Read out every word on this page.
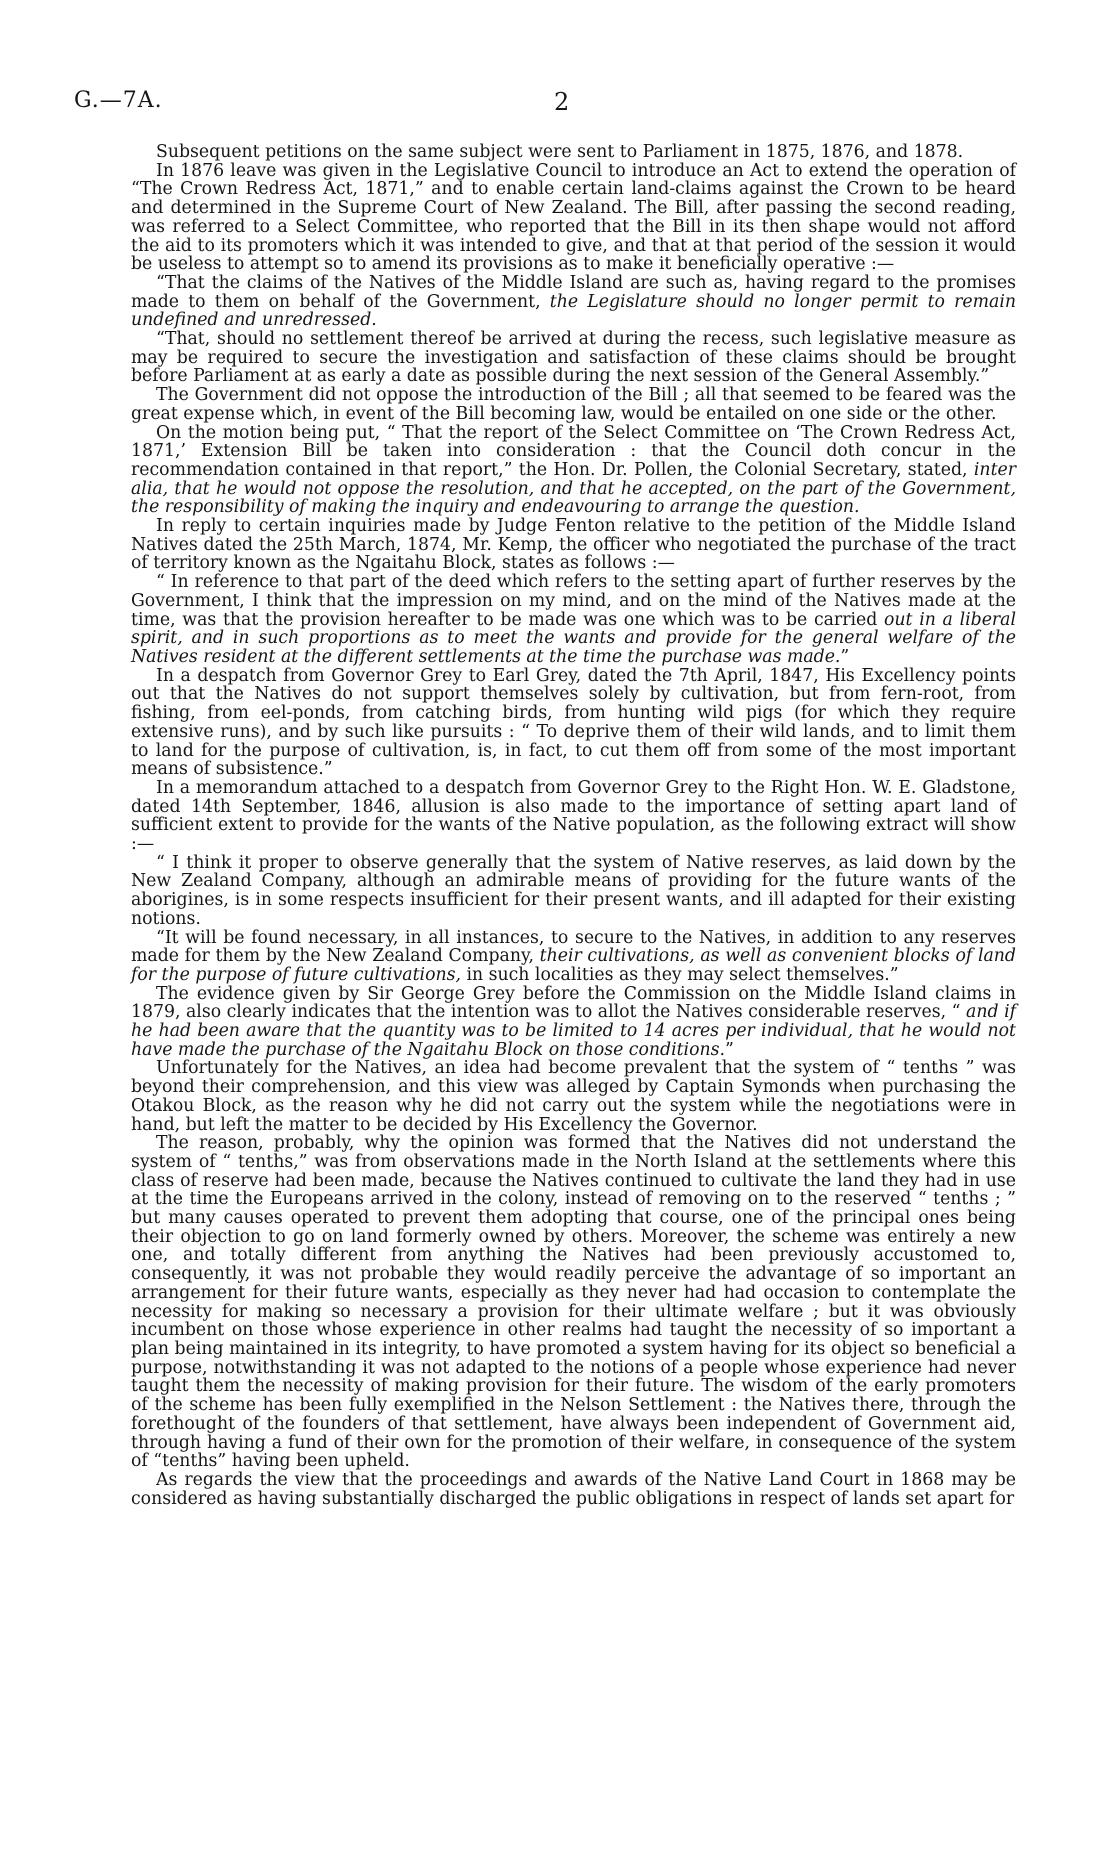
G.—7A.	2

Subsequent petitions on the same subject were sent to Parliament in 1875, 1876, and 1878.

In 1876 leave was given in the Legislative Council to introduce an Act to extend the operation of “The Crown Redress Act, 1871,” and to enable certain land-claims against the Crown to be heard and determined in the Supreme Court of New Zealand. The Bill, after passing the second reading, was referred to a Select Committee, who reported that the Bill in its then shape would not afford the aid to its promoters which it was intended to give, and that at that period of the session it would be useless to attempt so to amend its provisions as to make it beneficially operative :—

“That the claims of the Natives of the Middle Island are such as, having regard to the promises made to them on behalf of the Government, the Legislature should no longer permit to remain undefined and unredressed.

“That, should no settlement thereof be arrived at during the recess, such legislative measure as may be required to secure the investigation and satisfaction of these claims should be brought before Parliament at as early a date as possible during the next session of the General Assembly.”

The Government did not oppose the introduction of the Bill ; all that seemed to be feared was the great expense which, in event of the Bill becoming law, would be entailed on one side or the other.

On the motion being put, “ That the report of the Select Committee on ‘The Crown Redress Act, 1871,’ Extension Bill be taken into consideration : that the Council doth concur in the recommendation contained in that report,” the Hon. Dr. Pollen, the Colonial Secretary, stated, inter alia, that he would not oppose the resolution, and that he accepted, on the part of the Government, the responsibility of making the inquiry and endeavouring to arrange the question.

In reply to certain inquiries made by Judge Fenton relative to the petition of the Middle Island Natives dated the 25th March, 1874, Mr. Kemp, the officer who negotiated the purchase of the tract of territory known as the Ngaitahu Block, states as follows :—

“ In reference to that part of the deed which refers to the setting apart of further reserves by the Government, I think that the impression on my mind, and on the mind of the Natives made at the time, was that the provision hereafter to be made was one which was to be carried out in a liberal spirit, and in such proportions as to meet the wants and provide for the general welfare of the Natives resident at the different settlements at the time the purchase was made.”

In a despatch from Governor Grey to Earl Grey, dated the 7th April, 1847, His Excellency points out that the Natives do not support themselves solely by cultivation, but from fern-root, from fishing, from eel-ponds, from catching birds, from hunting wild pigs (for which they require extensive runs), and by such like pursuits : “ To deprive them of their wild lands, and to limit them to land for the purpose of cultivation, is, in fact, to cut them off from some of the most important means of subsistence.”

In a memorandum attached to a despatch from Governor Grey to the Right Hon. W. E. Gladstone, dated 14th September, 1846, allusion is also made to the importance of setting apart land of sufficient extent to provide for the wants of the Native population, as the following extract will show :—

“ I think it proper to observe generally that the system of Native reserves, as laid down by the New Zealand Company, although an admirable means of providing for the future wants of the aborigines, is in some respects insufficient for their present wants, and ill adapted for their existing notions.

“It will be found necessary, in all instances, to secure to the Natives, in addition to any reserves made for them by the New Zealand Company, their cultivations, as well as convenient blocks of land for the purpose of future cultivations, in such localities as they may select themselves.”

The evidence given by Sir George Grey before the Commission on the Middle Island claims in 1879, also clearly indicates that the intention was to allot the Natives considerable reserves, “ and if he had been aware that the quantity was to be limited to 14 acres per individual, that he would not have made the purchase of the Ngaitahu Block on those conditions.”

Unfortunately for the Natives, an idea had become prevalent that the system of “ tenths ” was beyond their comprehension, and this view was alleged by Captain Symonds when purchasing the Otakou Block, as the reason why he did not carry out the system while the negotiations were in hand, but left the matter to be decided by His Excellency the Governor.

The reason, probably, why the opinion was formed that the Natives did not understand the system of “ tenths,” was from observations made in the North Island at the settlements where this class of reserve had been made, because the Natives continued to cultivate the land they had in use at the time the Europeans arrived in the colony, instead of removing on to the reserved “ tenths ; ” but many causes operated to prevent them adopting that course, one of the principal ones being their objection to go on land formerly owned by others. Moreover, the scheme was entirely a new one, and totally different from anything the Natives had been previously accustomed to, consequently, it was not probable they would readily perceive the advantage of so important an arrangement for their future wants, especially as they never had had occasion to contemplate the necessity for making so necessary a provision for their ultimate welfare ; but it was obviously incumbent on those whose experience in other realms had taught the necessity of so important a plan being maintained in its integrity, to have promoted a system having for its object so beneficial a purpose, notwithstanding it was not adapted to the notions of a people whose experience had never taught them the necessity of making provision for their future. The wisdom of the early promoters of the scheme has been fully exemplified in the Nelson Settlement : the Natives there, through the forethought of the founders of that settlement, have always been independent of Government aid, through having a fund of their own for the promotion of their welfare, in consequence of the system of “tenths” having been upheld.

As regards the view that the proceedings and awards of the Native Land Court in 1868 may be considered as having substantially discharged the public obligations in respect of lands set apart for
